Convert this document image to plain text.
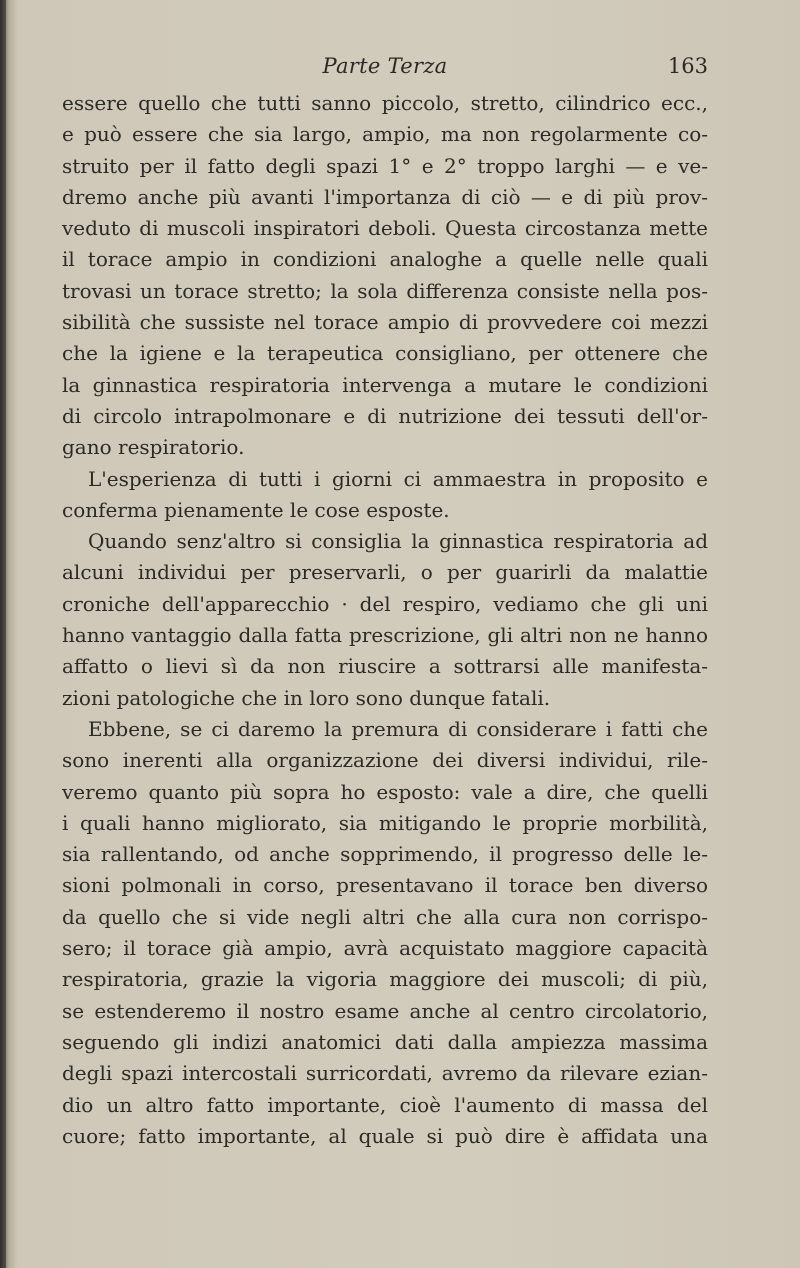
Parte Terza	163
essere quello che tutti sanno piccolo, stretto, cilindrico ecc.,
e può essere che sia largo, ampio, ma non regolarmente co-
struito per il fatto degli spazi 1° e 2° troppo larghi — e ve-
dremo anche più avanti l'importanza di ciò — e di più prov-
veduto di muscoli inspiratori deboli. Questa circostanza mette
il torace ampio in condizioni analoghe a quelle nelle quali
trovasi un torace stretto; la sola differenza consiste nella pos-
sibilità che sussiste nel torace ampio di provvedere coi mezzi
che la igiene e la terapeutica consigliano, per ottenere che
la ginnastica respiratoria intervenga a mutare le condizioni
di circolo intrapolmonare e di nutrizione dei tessuti dell'or-
gano respiratorio.
L'esperienza di tutti i giorni ci ammaestra in proposito e
conferma pienamente le cose esposte.
Quando senz'altro si consiglia la ginnastica respiratoria ad
alcuni individui per preservarli, o per guarirli da malattie
croniche dell'apparecchio · del respiro, vediamo che gli uni
hanno vantaggio dalla fatta prescrizione, gli altri non ne hanno
affatto o lievi sì da non riuscire a sottrarsi alle manifesta-
zioni patologiche che in loro sono dunque fatali.
Ebbene, se ci daremo la premura di considerare i fatti che
sono inerenti alla organizzazione dei diversi individui, rile-
veremo quanto più sopra ho esposto: vale a dire, che quelli
i quali hanno migliorato, sia mitigando le proprie morbilità,
sia rallentando, od anche sopprimendo, il progresso delle le-
sioni polmonali in corso, presentavano il torace ben diverso
da quello che si vide negli altri che alla cura non corrispo-
sero; il torace già ampio, avrà acquistato maggiore capacità
respiratoria, grazie la vigoria maggiore dei muscoli; di più,
se estenderemo il nostro esame anche al centro circolatorio,
seguendo gli indizi anatomici dati dalla ampiezza massima
degli spazi intercostali surricordati, avremo da rilevare ezian-
dio un altro fatto importante, cioè l'aumento di massa del
cuore; fatto importante, al quale si può dire è affidata una
